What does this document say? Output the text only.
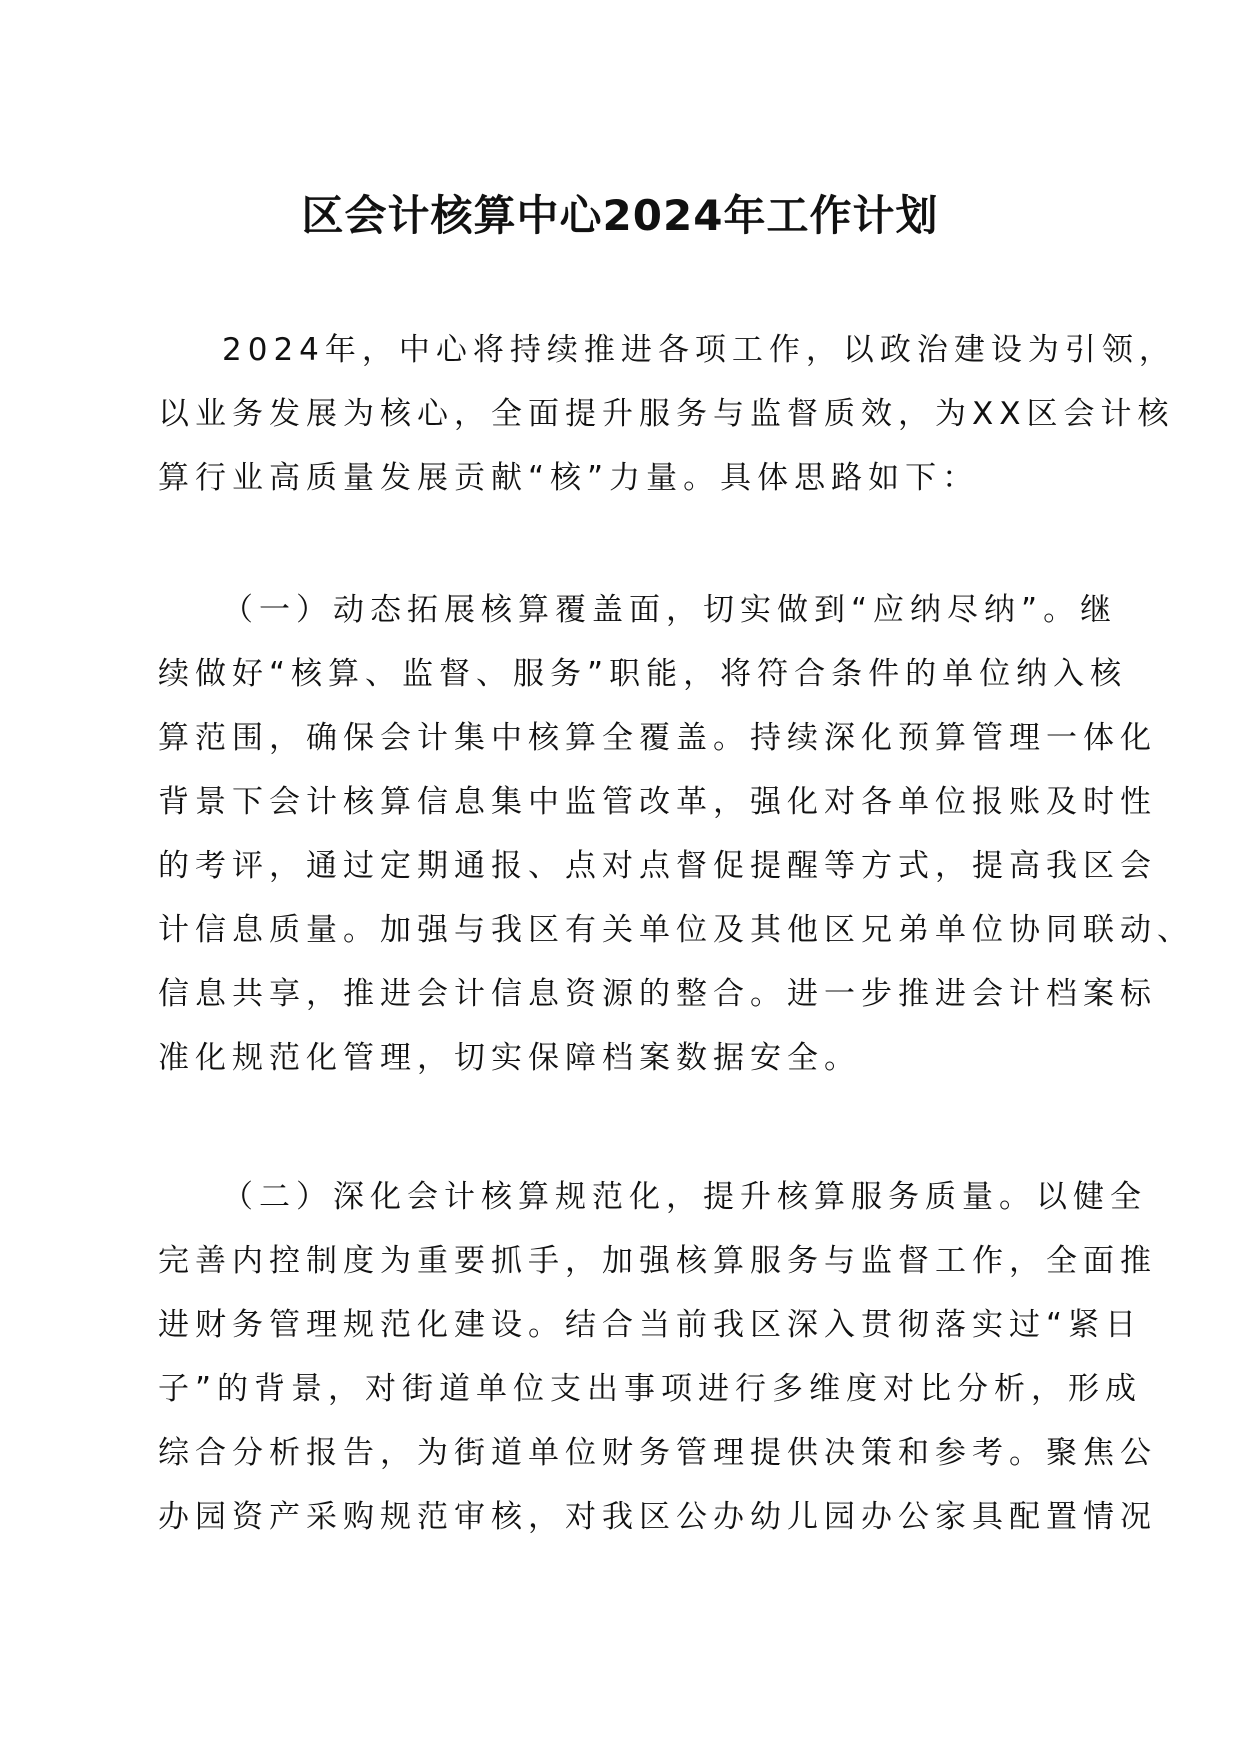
区会计核算中心2024年工作计划
2024年，中心将持续推进各项工作，以政治建设为引领，
以业务发展为核心，全面提升服务与监督质效，为XX区会计核
算行业高质量发展贡献“核”力量。具体思路如下：
（一）动态拓展核算覆盖面，切实做到“应纳尽纳”。继
续做好“核算、监督、服务”职能，将符合条件的单位纳入核
算范围，确保会计集中核算全覆盖。持续深化预算管理一体化
背景下会计核算信息集中监管改革，强化对各单位报账及时性
的考评，通过定期通报、点对点督促提醒等方式，提高我区会
计信息质量。加强与我区有关单位及其他区兄弟单位协同联动、
信息共享，推进会计信息资源的整合。进一步推进会计档案标
准化规范化管理，切实保障档案数据安全。
（二）深化会计核算规范化，提升核算服务质量。以健全
完善内控制度为重要抓手，加强核算服务与监督工作，全面推
进财务管理规范化建设。结合当前我区深入贯彻落实过“紧日
子”的背景，对街道单位支出事项进行多维度对比分析，形成
综合分析报告，为街道单位财务管理提供决策和参考。聚焦公
办园资产采购规范审核，对我区公办幼儿园办公家具配置情况
